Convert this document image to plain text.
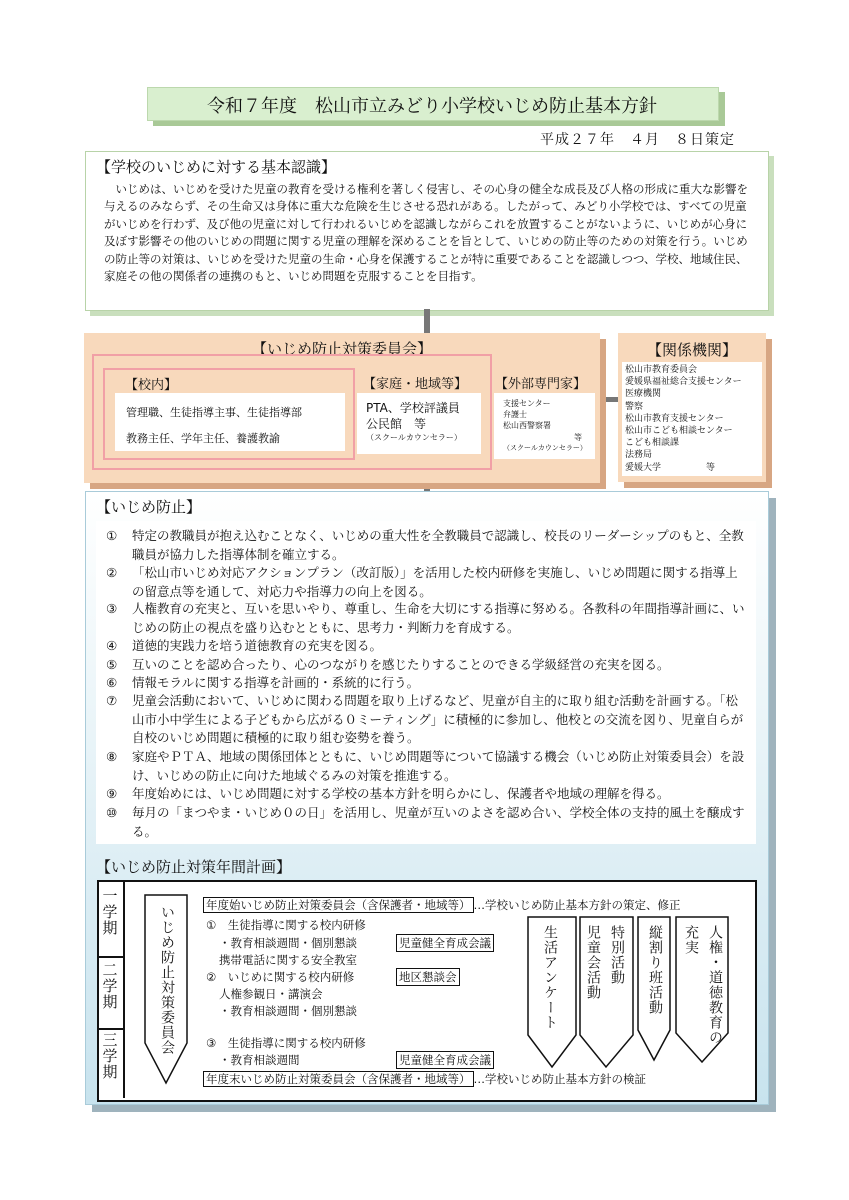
令和７年度　松山市立みどり小学校いじめ防止基本方針
平成２７年　４月　８日策定
【学校のいじめに対する基本認識】
いじめは、いじめを受けた児童の教育を受ける権利を著しく侵害し、その心身の健全な成長及び人格の形成に重大な影響を与えるのみならず、その生命又は身体に重大な危険を生じさせる恐れがある。したがって、みどり小学校では、すべての児童がいじめを行わず、及び他の児童に対して行われるいじめを認識しながらこれを放置することがないように、いじめが心身に及ぼす影響その他のいじめの問題に関する児童の理解を深めることを旨として、いじめの防止等のための対策を行う。いじめの防止等の対策は、いじめを受けた児童の生命・心身を保護することが特に重要であることを認識しつつ、学校、地域住民、家庭その他の関係者の連携のもと、いじめ問題を克服することを目指す。
【いじめ防止対策委員会】
【校内】
管理職、生徒指導主事、生徒指導部
教務主任、学年主任、養護教諭
【家庭・地域等】
PTA、学校評議員
公民館　等
（スクールカウンセラー）
【外部専門家】
支援センター
弁護士
松山西警察署
等
（スクールカウンセラー）
【関係機関】
松山市教育委員会
愛媛県福祉総合支援センター
医療機関
警察
松山市教育支援センター
松山市こども相談センター
こども相談課
法務局
愛媛大学　　　　　等
【いじめ防止】
① 特定の教職員が抱え込むことなく、いじめの重大性を全教職員で認識し、校長のリーダーシップのもと、全教職員が協力した指導体制を確立する。
② 「松山市いじめ対応アクションプラン（改訂版）」を活用した校内研修を実施し、いじめ問題に関する指導上の留意点等を通して、対応力や指導力の向上を図る。
③ 人権教育の充実と、互いを思いやり、尊重し、生命を大切にする指導に努める。各教科の年間指導計画に、いじめの防止の視点を盛り込むとともに、思考力・判断力を育成する。
④ 道徳的実践力を培う道徳教育の充実を図る。
⑤ 互いのことを認め合ったり、心のつながりを感じたりすることのできる学級経営の充実を図る。
⑥ 情報モラルに関する指導を計画的・系統的に行う。
⑦ 児童会活動において、いじめに関わる問題を取り上げるなど、児童が自主的に取り組む活動を計画する。「松山市小中学生による子どもから広がる０ミーティング」に積極的に参加し、他校との交流を図り、児童自らが自校のいじめ問題に積極的に取り組む姿勢を養う。
⑧ 家庭やＰＴＡ、地域の関係団体とともに、いじめ問題等について協議する機会（いじめ防止対策委員会）を設け、いじめの防止に向けた地域ぐるみの対策を推進する。
⑨ 年度始めには、いじめ問題に対する学校の基本方針を明らかにし、保護者や地域の理解を得る。
⑩ 毎月の「まつやま・いじめ０の日」を活用し、児童が互いのよさを認め合い、学校全体の支持的風土を醸成する。
【いじめ防止対策年間計画】
一学期
二学期
三学期
いじめ防止対策委員会	年度始いじめ防止対策委員会（含保護者・地域等） …学校いじめ防止基本方針の策定、修正
①　生徒指導に関する校内研修
・教育相談週間・個別懇談	児童健全育成会議
携帯電話に関する安全教室
②　いじめに関する校内研修	地区懇談会
人権参観日・講演会
・教育相談週間・個別懇談
③　生徒指導に関する校内研修
・教育相談週間	児童健全育成会議
年度末いじめ防止対策委員会（含保護者・地域等） …学校いじめ防止基本方針の検証
生活アンケート	特別活動
児童会活動	縦割り班活動	人権・道徳教育の
充実
